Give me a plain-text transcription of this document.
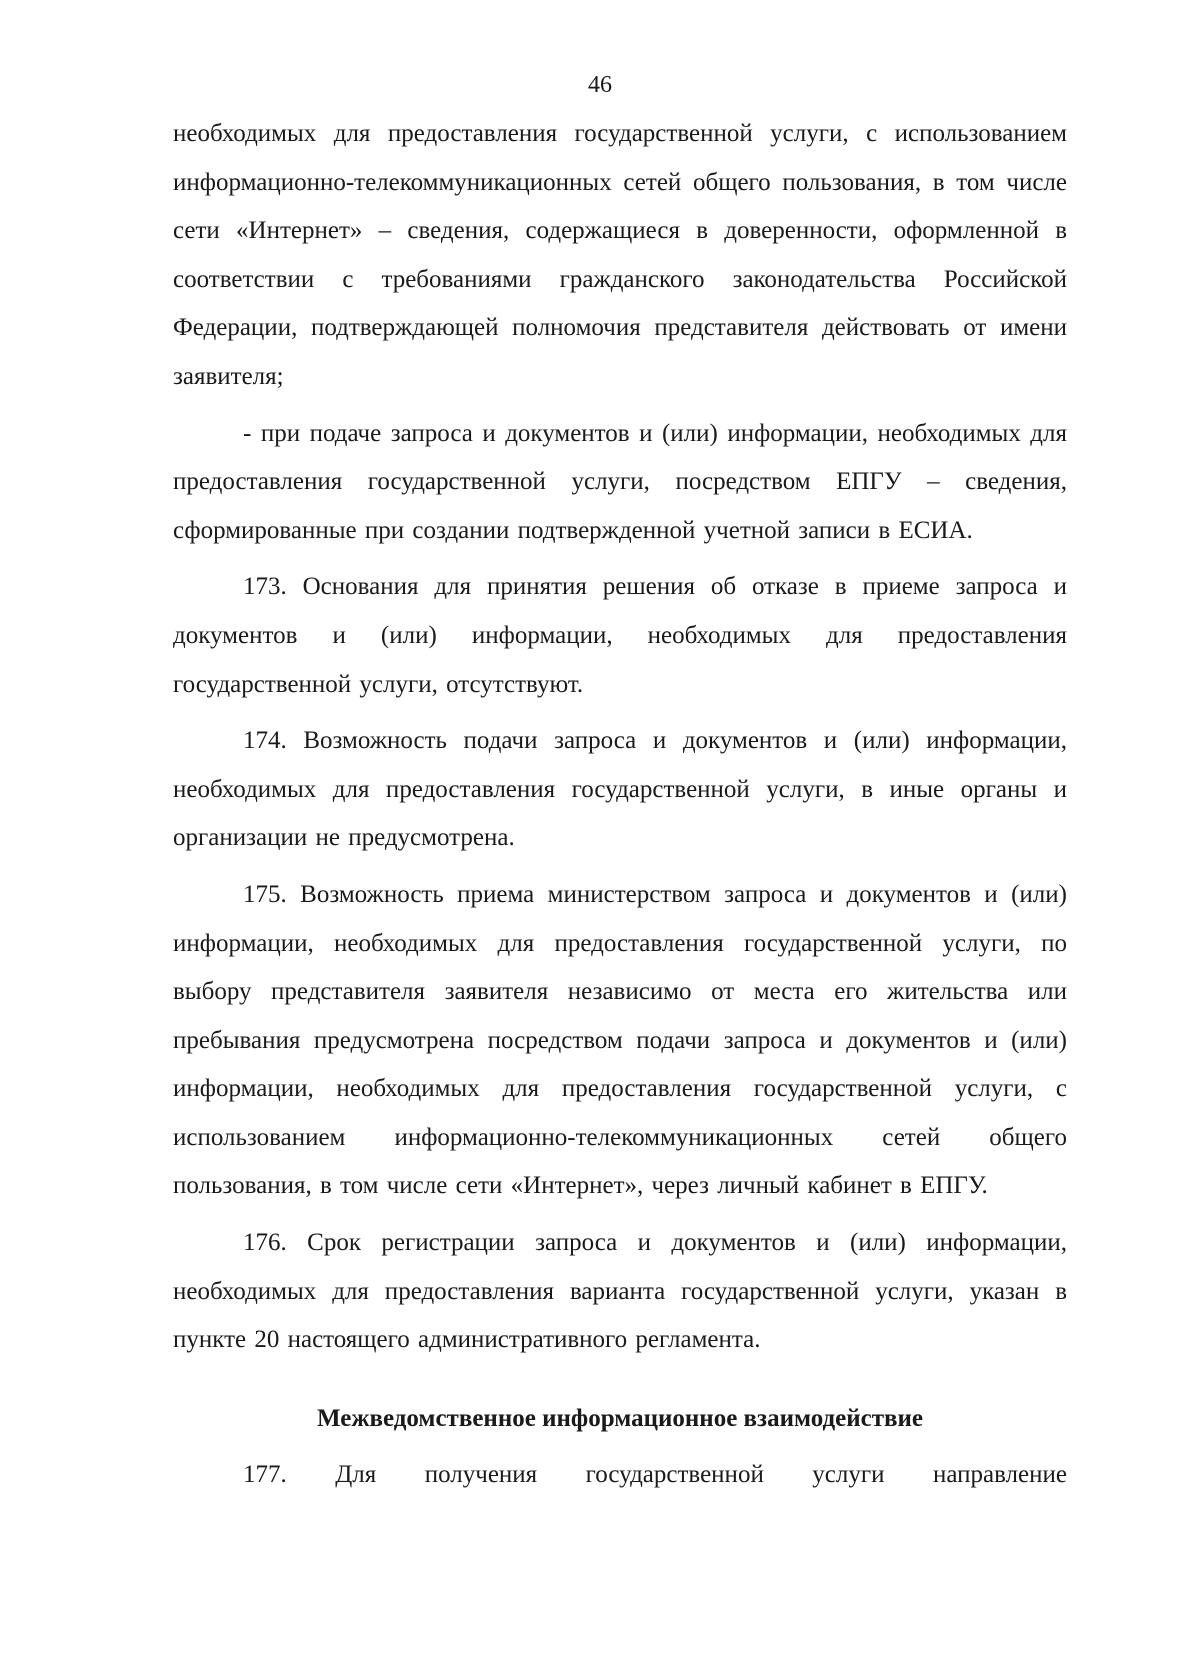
46

необходимых для предоставления государственной услуги, с использованием информационно-телекоммуникационных сетей общего пользования, в том числе сети «Интернет» – сведения, содержащиеся в доверенности, оформленной в соответствии с требованиями гражданского законодательства Российской Федерации, подтверждающей полномочия представителя действовать от имени заявителя;

- при подаче запроса и документов и (или) информации, необходимых для предоставления государственной услуги, посредством ЕПГУ – сведения, сформированные при создании подтвержденной учетной записи в ЕСИА.

173. Основания для принятия решения об отказе в приеме запроса и документов и (или) информации, необходимых для предоставления государственной услуги, отсутствуют.

174. Возможность подачи запроса и документов и (или) информации, необходимых для предоставления государственной услуги, в иные органы и организации не предусмотрена.

175. Возможность приема министерством запроса и документов и (или) информации, необходимых для предоставления государственной услуги, по выбору представителя заявителя независимо от места его жительства или пребывания предусмотрена посредством подачи запроса и документов и (или) информации, необходимых для предоставления государственной услуги, с использованием информационно-телекоммуникационных сетей общего пользования, в том числе сети «Интернет», через личный кабинет в ЕПГУ.

176. Срок регистрации запроса и документов и (или) информации, необходимых для предоставления варианта государственной услуги, указан в пункте 20 настоящего административного регламента.

Межведомственное информационное взаимодействие

177. Для получения государственной услуги направление
